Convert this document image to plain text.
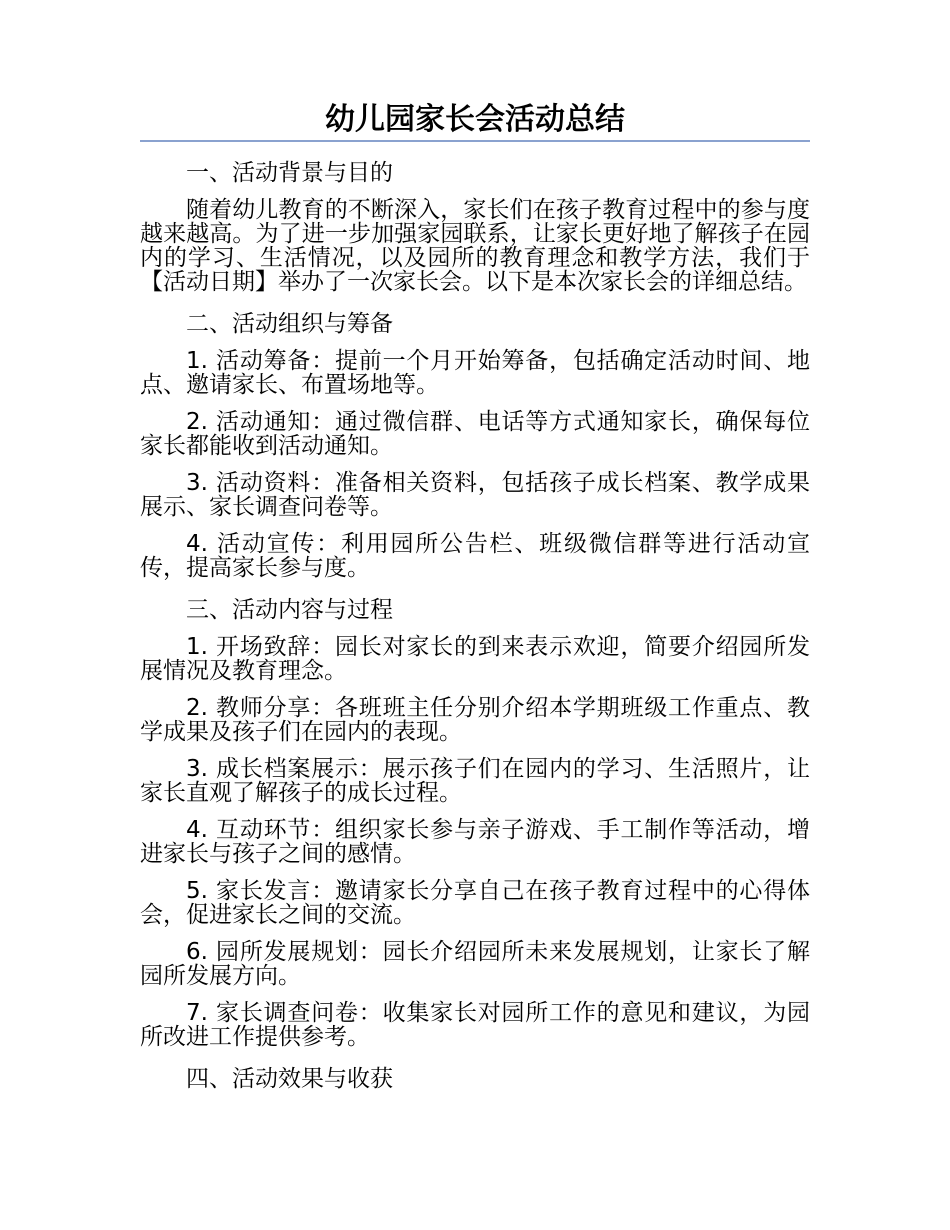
幼儿园家长会活动总结
一、活动背景与目的
随着幼儿教育的不断深入，家长们在孩子教育过程中的参与度越来越高。为了进一步加强家园联系，让家长更好地了解孩子在园内的学习、生活情况，以及园所的教育理念和教学方法，我们于【活动日期】举办了一次家长会。以下是本次家长会的详细总结。
二、活动组织与筹备
1. 活动筹备：提前一个月开始筹备，包括确定活动时间、地点、邀请家长、布置场地等。
2. 活动通知：通过微信群、电话等方式通知家长，确保每位家长都能收到活动通知。
3. 活动资料：准备相关资料，包括孩子成长档案、教学成果展示、家长调查问卷等。
4. 活动宣传：利用园所公告栏、班级微信群等进行活动宣传，提高家长参与度。
三、活动内容与过程
1. 开场致辞：园长对家长的到来表示欢迎，简要介绍园所发展情况及教育理念。
2. 教师分享：各班班主任分别介绍本学期班级工作重点、教学成果及孩子们在园内的表现。
3. 成长档案展示：展示孩子们在园内的学习、生活照片，让家长直观了解孩子的成长过程。
4. 互动环节：组织家长参与亲子游戏、手工制作等活动，增进家长与孩子之间的感情。
5. 家长发言：邀请家长分享自己在孩子教育过程中的心得体会，促进家长之间的交流。
6. 园所发展规划：园长介绍园所未来发展规划，让家长了解园所发展方向。
7. 家长调查问卷：收集家长对园所工作的意见和建议，为园所改进工作提供参考。
四、活动效果与收获
